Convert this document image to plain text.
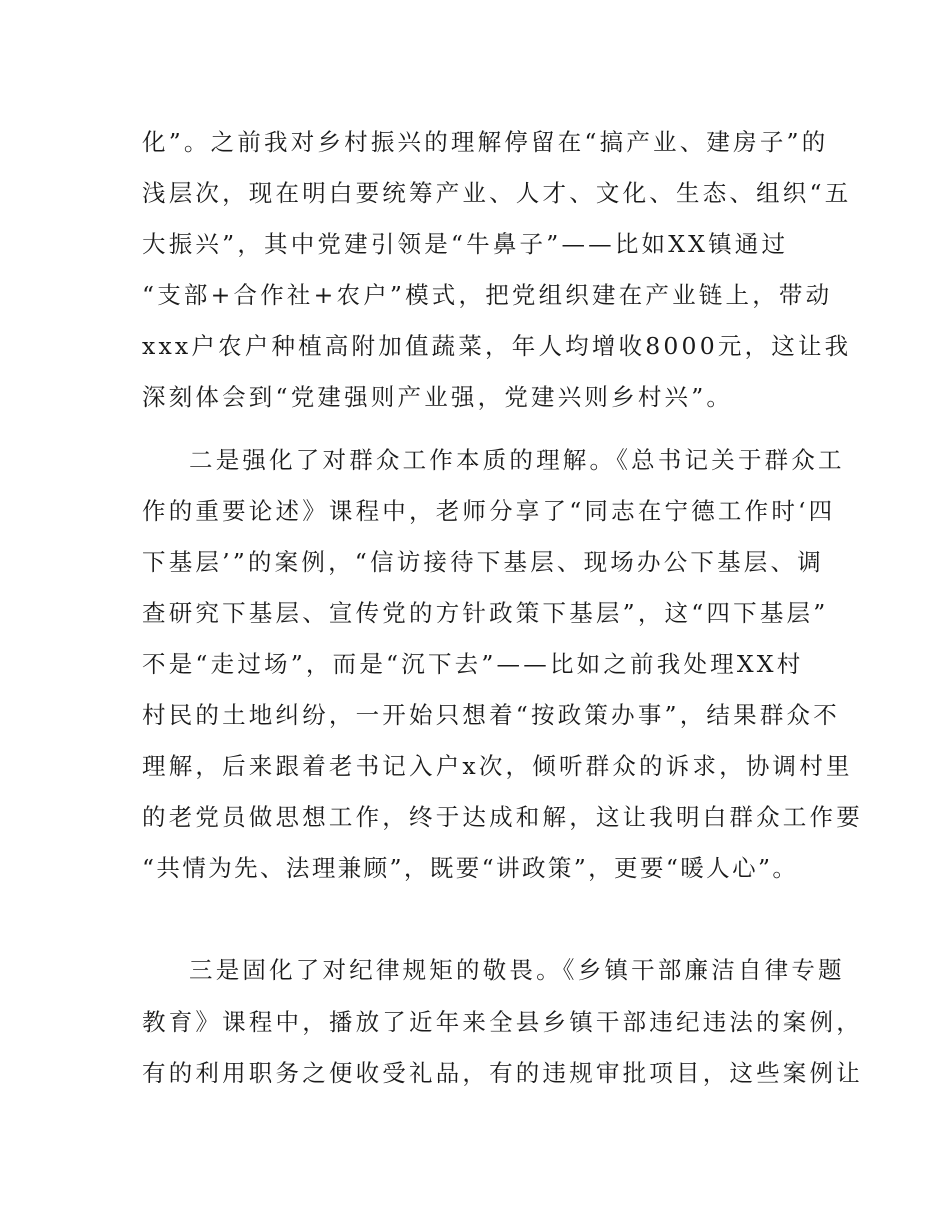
化”。之前我对乡村振兴的理解停留在“搞产业、建房子”的
浅层次，现在明白要统筹产业、人才、文化、生态、组织“五
大振兴”，其中党建引领是“牛鼻子”——比如XX镇通过
“支部+合作社+农户”模式，把党组织建在产业链上，带动
xxx户农户种植高附加值蔬菜，年人均增收8000元，这让我
深刻体会到“党建强则产业强，党建兴则乡村兴”。
二是强化了对群众工作本质的理解。《总书记关于群众工
作的重要论述》课程中，老师分享了“同志在宁德工作时‘四
下基层’”的案例，“信访接待下基层、现场办公下基层、调
查研究下基层、宣传党的方针政策下基层”，这“四下基层”
不是“走过场”，而是“沉下去”——比如之前我处理XX村
村民的土地纠纷，一开始只想着“按政策办事”，结果群众不
理解，后来跟着老书记入户x次，倾听群众的诉求，协调村里
的老党员做思想工作，终于达成和解，这让我明白群众工作要
“共情为先、法理兼顾”，既要“讲政策”，更要“暖人心”。
三是固化了对纪律规矩的敬畏。《乡镇干部廉洁自律专题
教育》课程中，播放了近年来全县乡镇干部违纪违法的案例，
有的利用职务之便收受礼品，有的违规审批项目，这些案例让
